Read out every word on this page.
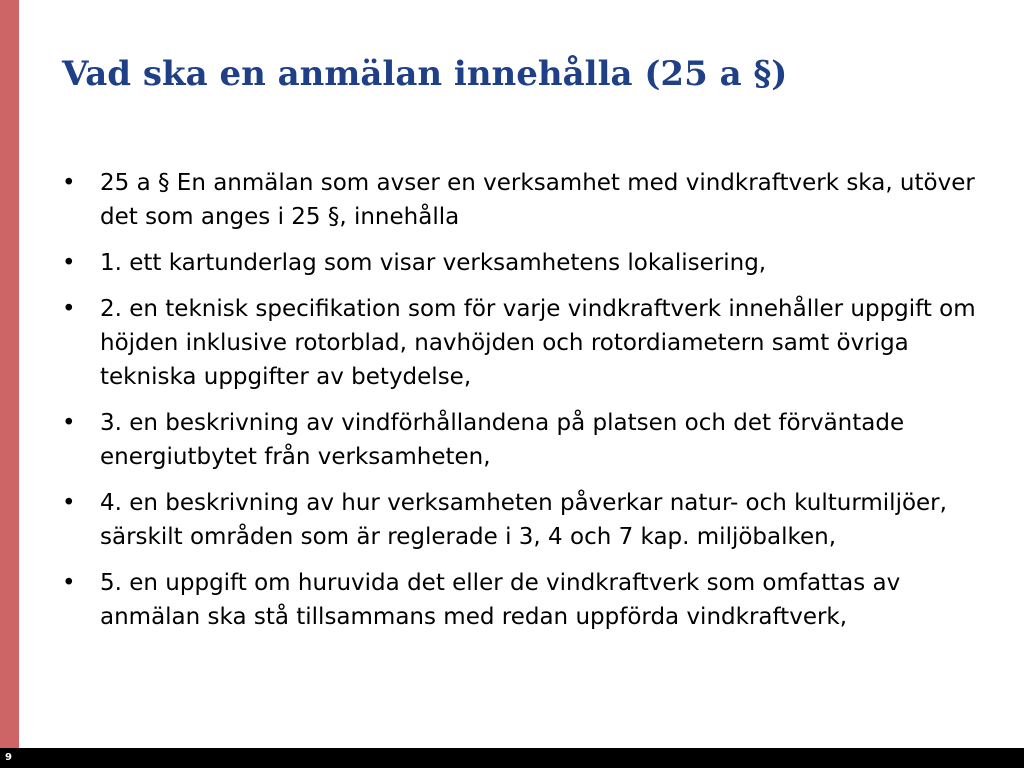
Vad ska en anmälan innehålla (25 a §)
• 25 a § En anmälan som avser en verksamhet med vindkraftverk ska, utöver det som anges i 25 §, innehålla
• 1. ett kartunderlag som visar verksamhetens lokalisering,
• 2. en teknisk specifikation som för varje vindkraftverk innehåller uppgift om höjden inklusive rotorblad, navhöjden och rotordiametern samt övriga tekniska uppgifter av betydelse,
• 3. en beskrivning av vindförhållandena på platsen och det förväntade energiutbytet från verksamheten,
• 4. en beskrivning av hur verksamheten påverkar natur- och kulturmiljöer, särskilt områden som är reglerade i 3, 4 och 7 kap. miljöbalken,
• 5. en uppgift om huruvida det eller de vindkraftverk som omfattas av anmälan ska stå tillsammans med redan uppförda vindkraftverk,
9
